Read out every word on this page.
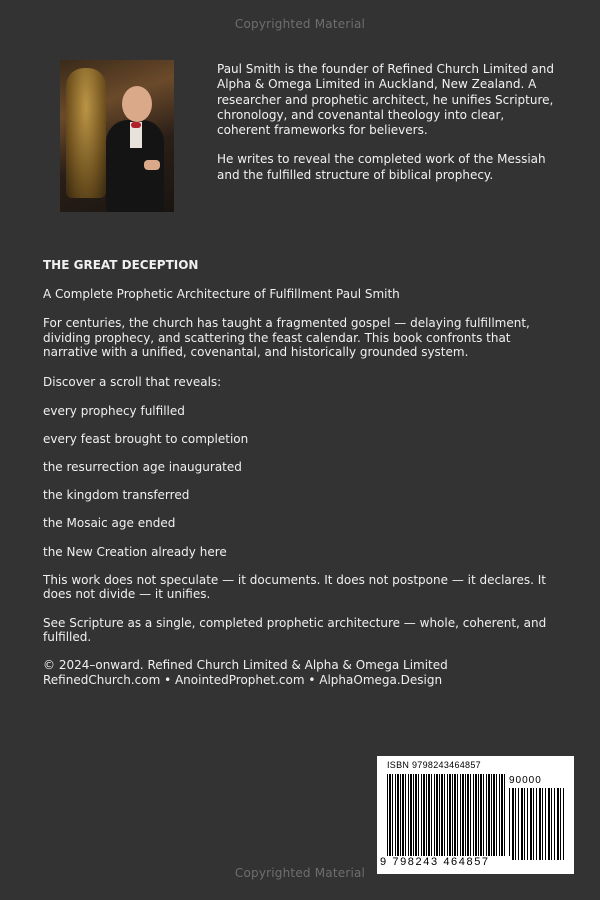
Copyrighted Material

Paul Smith is the founder of Refined Church Limited and Alpha & Omega Limited in Auckland, New Zealand. A researcher and prophetic architect, he unifies Scripture, chronology, and covenantal theology into clear, coherent frameworks for believers.

He writes to reveal the completed work of the Messiah and the fulfilled structure of biblical prophecy.

THE GREAT DECEPTION

A Complete Prophetic Architecture of Fulfillment Paul Smith

For centuries, the church has taught a fragmented gospel — delaying fulfillment, dividing prophecy, and scattering the feast calendar. This book confronts that narrative with a unified, covenantal, and historically grounded system.

Discover a scroll that reveals:

every prophecy fulfilled

every feast brought to completion

the resurrection age inaugurated

the kingdom transferred

the Mosaic age ended

the New Creation already here

This work does not speculate — it documents. It does not postpone — it declares. It does not divide — it unifies.

See Scripture as a single, completed prophetic architecture — whole, coherent, and fulfilled.

© 2024–onward. Refined Church Limited & Alpha & Omega Limited RefinedChurch.com • AnointedProphet.com • AlphaOmega.Design

ISBN 9798243464857
90000
9 798243 464857
Copyrighted Material
